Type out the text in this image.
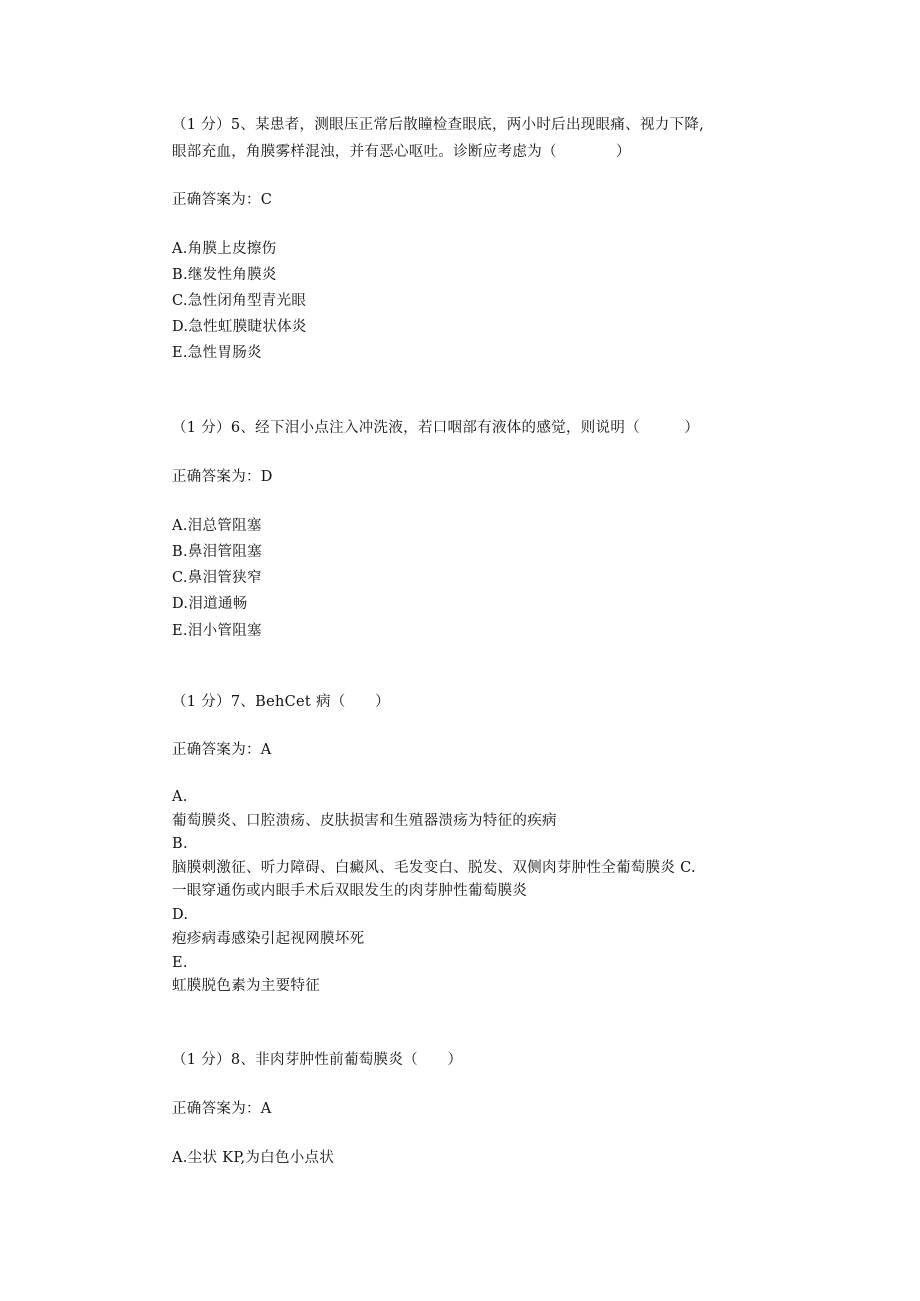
（1 分）5、某患者，测眼压正常后散瞳检查眼底，两小时后出现眼痛、视力下降,
眼部充血，角膜雾样混浊，并有恶心呕吐。诊断应考虑为（　　　　）
正确答案为：C
A.角膜上皮擦伤
B.继发性角膜炎
C.急性闭角型青光眼
D.急性虹膜睫状体炎
E.急性胃肠炎
（1 分）6、经下泪小点注入冲洗液，若口咽部有液体的感觉，则说明（　　　）
正确答案为：D
A.泪总管阻塞
B.鼻泪管阻塞
C.鼻泪管狭窄
D.泪道通畅
E.泪小管阻塞
（1 分）7、BehCet 病（　　）
正确答案为：A
A.
葡萄膜炎、口腔溃疡、皮肤损害和生殖器溃疡为特征的疾病
B.
脑膜刺激征、听力障碍、白癜风、毛发变白、脱发、双侧肉芽肿性全葡萄膜炎 C.
一眼穿通伤或内眼手术后双眼发生的肉芽肿性葡萄膜炎
D.
疱疹病毒感染引起视网膜坏死
E.
虹膜脱色素为主要特征
（1 分）8、非肉芽肿性前葡萄膜炎（　　）
正确答案为：A
A.尘状 KP,为白色小点状
